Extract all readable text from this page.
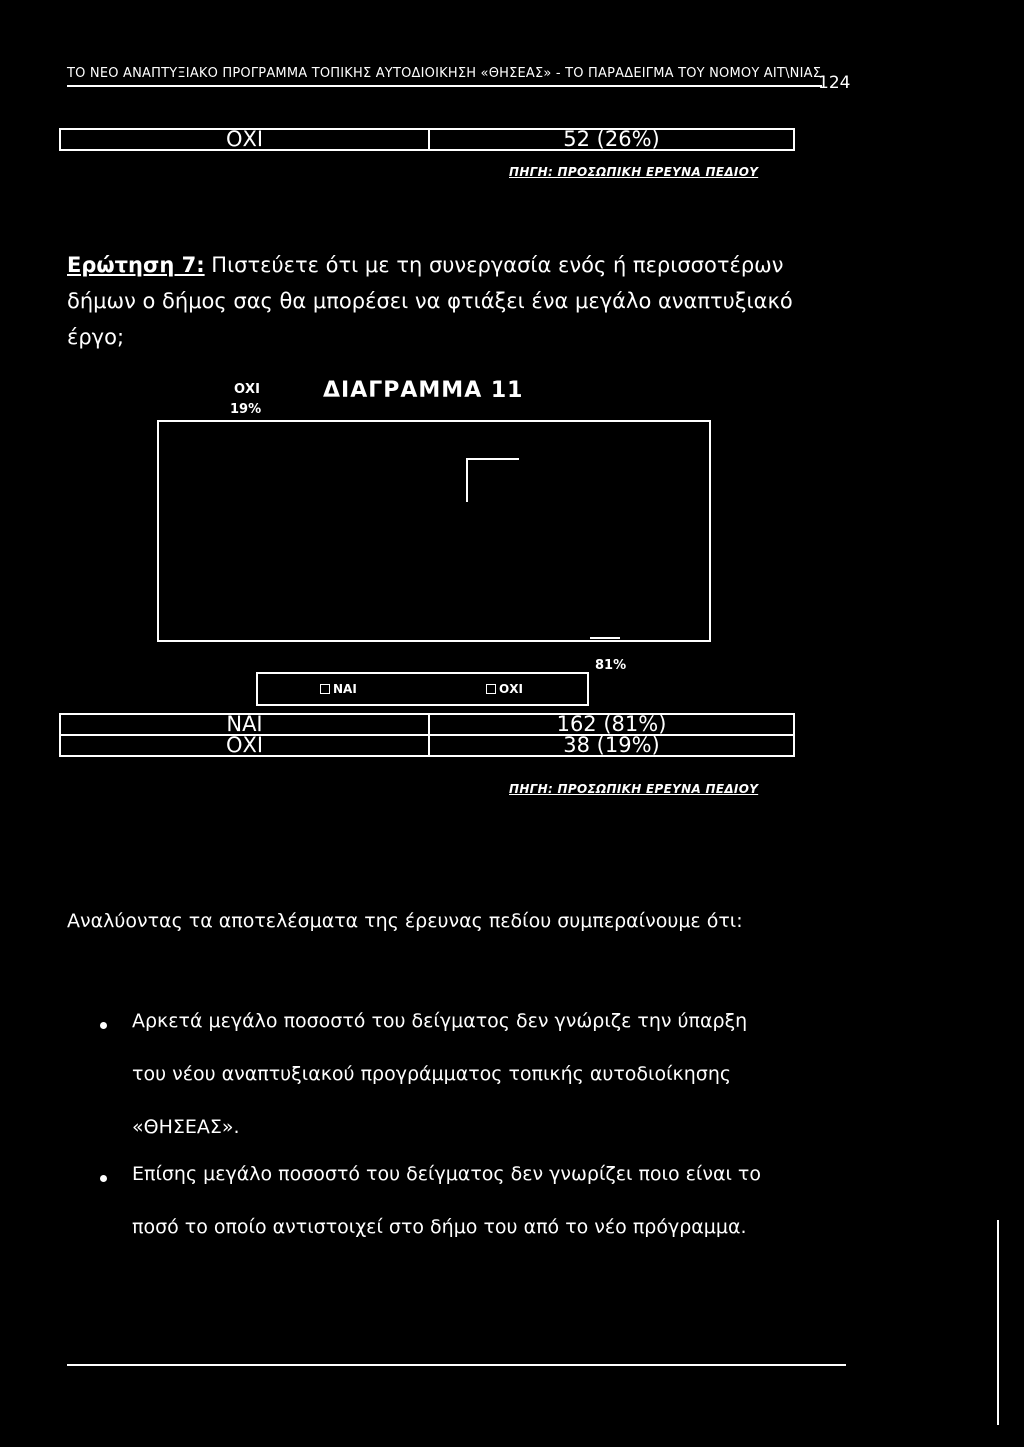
ΤΟ ΝΕΟ ΑΝΑΠΤΥΞΙΑΚΟ ΠΡΟΓΡΑΜΜΑ ΤΟΠΙΚΗΣ ΑΥΤΟΔΙΟΙΚΗΣΗ «ΘΗΣΕΑΣ» - ΤΟ ΠΑΡΑΔΕΙΓΜΑ ΤΟΥ ΝΟΜΟΥ ΑΙΤ\ΝΙΑΣ
124
ΟΧΙ	52 (26%)
ΠΗΓΗ: ΠΡΟΣΩΠΙΚΗ ΕΡΕΥΝΑ ΠΕΔΙΟΥ
Ερώτηση 7: Πιστεύετε ότι με τη συνεργασία ενός ή περισσοτέρων δήμων ο δήμος σας θα μπορέσει να φτιάξει ένα μεγάλο αναπτυξιακό έργο;
ΟΧΙ
19%
ΔΙΑΓΡΑΜΜΑ 11
81%
ΝΑΙ	ΟΧΙ
ΝΑΙ	162 (81%)
ΟΧΙ	38 (19%)
ΠΗΓΗ: ΠΡΟΣΩΠΙΚΗ ΕΡΕΥΝΑ ΠΕΔΙΟΥ
Αναλύοντας τα αποτελέσματα της έρευνας πεδίου συμπεραίνουμε ότι:
Αρκετά μεγάλο ποσοστό του δείγματος δεν γνώριζε την ύπαρξη
του νέου αναπτυξιακού προγράμματος τοπικής αυτοδιοίκησης
«ΘΗΣΕΑΣ».
Επίσης μεγάλο ποσοστό του δείγματος δεν γνωρίζει ποιο είναι το
ποσό το οποίο αντιστοιχεί στο δήμο του από το νέο πρόγραμμα.
